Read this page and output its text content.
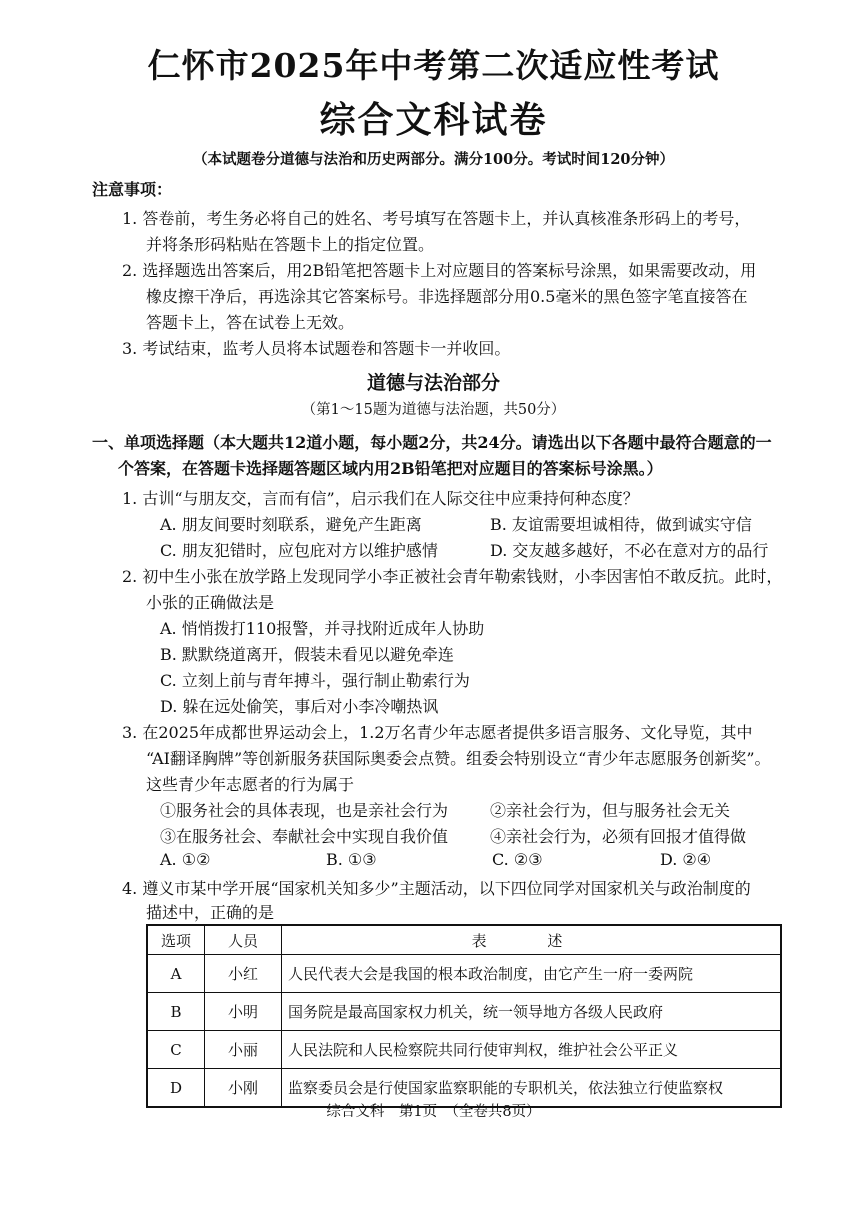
仁怀市2025年中考第二次适应性考试
综合文科试卷
（本试题卷分道德与法治和历史两部分。满分100分。考试时间120分钟）
注意事项：
1. 答卷前，考生务必将自己的姓名、考号填写在答题卡上，并认真核准条形码上的考号，
并将条形码粘贴在答题卡上的指定位置。
2. 选择题选出答案后，用2B铅笔把答题卡上对应题目的答案标号涂黑，如果需要改动，用
橡皮擦干净后，再选涂其它答案标号。非选择题部分用0.5毫米的黑色签字笔直接答在
答题卡上，答在试卷上无效。
3. 考试结束，监考人员将本试题卷和答题卡一并收回。
道德与法治部分
（第1～15题为道德与法治题，共50分）
一、单项选择题（本大题共12道小题，每小题2分，共24分。请选出以下各题中最符合题意的一
个答案，在答题卡选择题答题区域内用2B铅笔把对应题目的答案标号涂黑。）
1. 古训“与朋友交，言而有信”，启示我们在人际交往中应秉持何种态度？
A. 朋友间要时刻联系，避免产生距离	B. 友谊需要坦诚相待，做到诚实守信
C. 朋友犯错时，应包庇对方以维护感情	D. 交友越多越好，不必在意对方的品行
2. 初中生小张在放学路上发现同学小李正被社会青年勒索钱财，小李因害怕不敢反抗。此时，
小张的正确做法是
A. 悄悄拨打110报警，并寻找附近成年人协助
B. 默默绕道离开，假装未看见以避免牵连
C. 立刻上前与青年搏斗，强行制止勒索行为
D. 躲在远处偷笑，事后对小李冷嘲热讽
3. 在2025年成都世界运动会上，1.2万名青少年志愿者提供多语言服务、文化导览，其中
“AI翻译胸牌”等创新服务获国际奥委会点赞。组委会特别设立“青少年志愿服务创新奖”。
这些青少年志愿者的行为属于
①服务社会的具体表现，也是亲社会行为	②亲社会行为，但与服务社会无关
③在服务社会、奉献社会中实现自我价值	④亲社会行为，必须有回报才值得做
A. ①②	B. ①③	C. ②③	D. ②④
4. 遵义市某中学开展“国家机关知多少”主题活动，以下四位同学对国家机关与政治制度的
描述中，正确的是
选项	人员	表 述
A	小红	人民代表大会是我国的根本政治制度，由它产生一府一委两院
B	小明	国务院是最高国家权力机关，统一领导地方各级人民政府
C	小丽	人民法院和人民检察院共同行使审判权，维护社会公平正义
D	小刚	监察委员会是行使国家监察职能的专职机关，依法独立行使监察权
综合文科　第1页　（全卷共8页）
